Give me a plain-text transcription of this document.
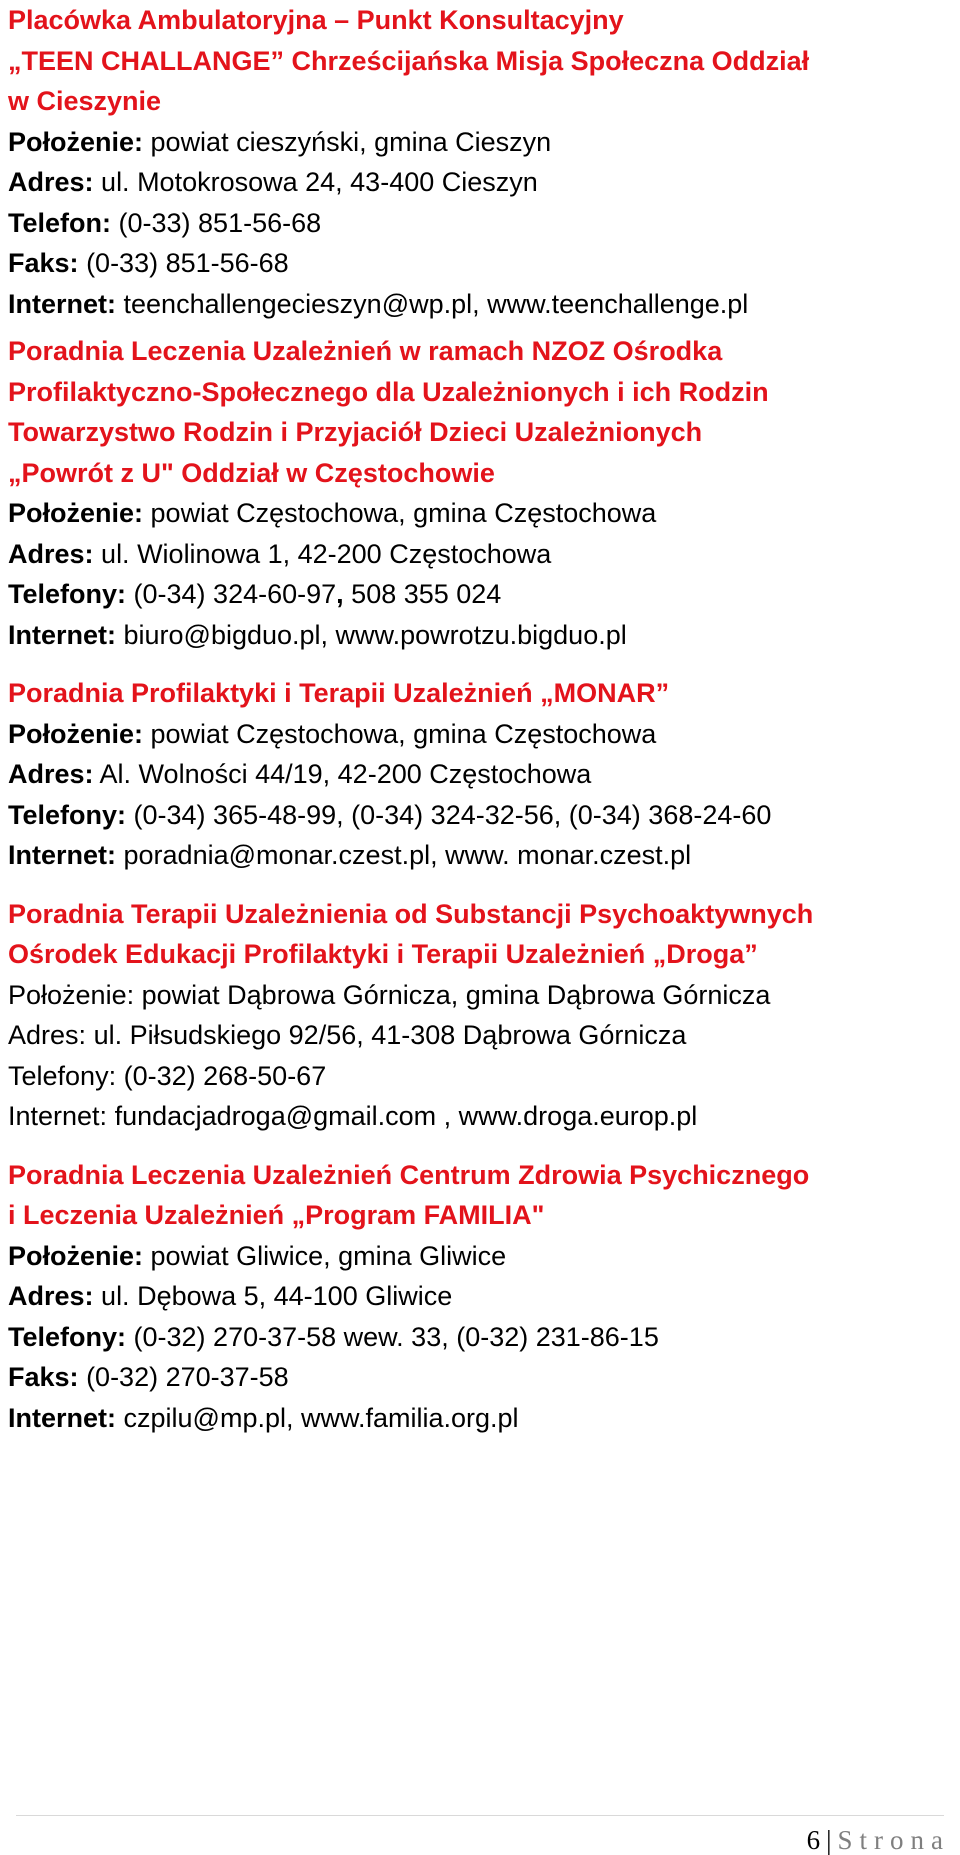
Placówka Ambulatoryjna – Punkt Konsultacyjny
„TEEN CHALLANGE” Chrześcijańska Misja Społeczna Oddział
w Cieszynie
Położenie: powiat cieszyński, gmina Cieszyn
Adres: ul. Motokrosowa 24, 43-400 Cieszyn
Telefon: (0-33) 851-56-68
Faks: (0-33) 851-56-68
Internet: teenchallengecieszyn@wp.pl, www.teenchallenge.pl
Poradnia Leczenia Uzależnień w ramach NZOZ Ośrodka
Profilaktyczno-Społecznego dla Uzależnionych i ich Rodzin
Towarzystwo Rodzin i Przyjaciół Dzieci Uzależnionych
„Powrót z U" Oddział w Częstochowie
Położenie: powiat Częstochowa, gmina Częstochowa
Adres: ul. Wiolinowa 1, 42-200 Częstochowa
Telefony: (0-34) 324-60-97, 508 355 024
Internet: biuro@bigduo.pl, www.powrotzu.bigduo.pl
Poradnia Profilaktyki i Terapii Uzależnień „MONAR”
Położenie: powiat Częstochowa, gmina Częstochowa
Adres: Al. Wolności 44/19, 42-200 Częstochowa
Telefony: (0-34) 365-48-99, (0-34) 324-32-56, (0-34) 368-24-60
Internet: poradnia@monar.czest.pl, www. monar.czest.pl
Poradnia Terapii Uzależnienia od Substancji Psychoaktywnych
Ośrodek Edukacji Profilaktyki i Terapii Uzależnień „Droga”
Położenie: powiat Dąbrowa Górnicza, gmina Dąbrowa Górnicza
Adres: ul. Piłsudskiego 92/56, 41-308 Dąbrowa Górnicza
Telefony: (0-32) 268-50-67
Internet: fundacjadroga@gmail.com , www.droga.europ.pl
Poradnia Leczenia Uzależnień Centrum Zdrowia Psychicznego
i Leczenia Uzależnień „Program FAMILIA"
Położenie: powiat Gliwice, gmina Gliwice
Adres: ul. Dębowa 5, 44-100 Gliwice
Telefony: (0-32) 270-37-58 wew. 33, (0-32) 231-86-15
Faks: (0-32) 270-37-58
Internet: czpilu@mp.pl, www.familia.org.pl
6 | Strona
